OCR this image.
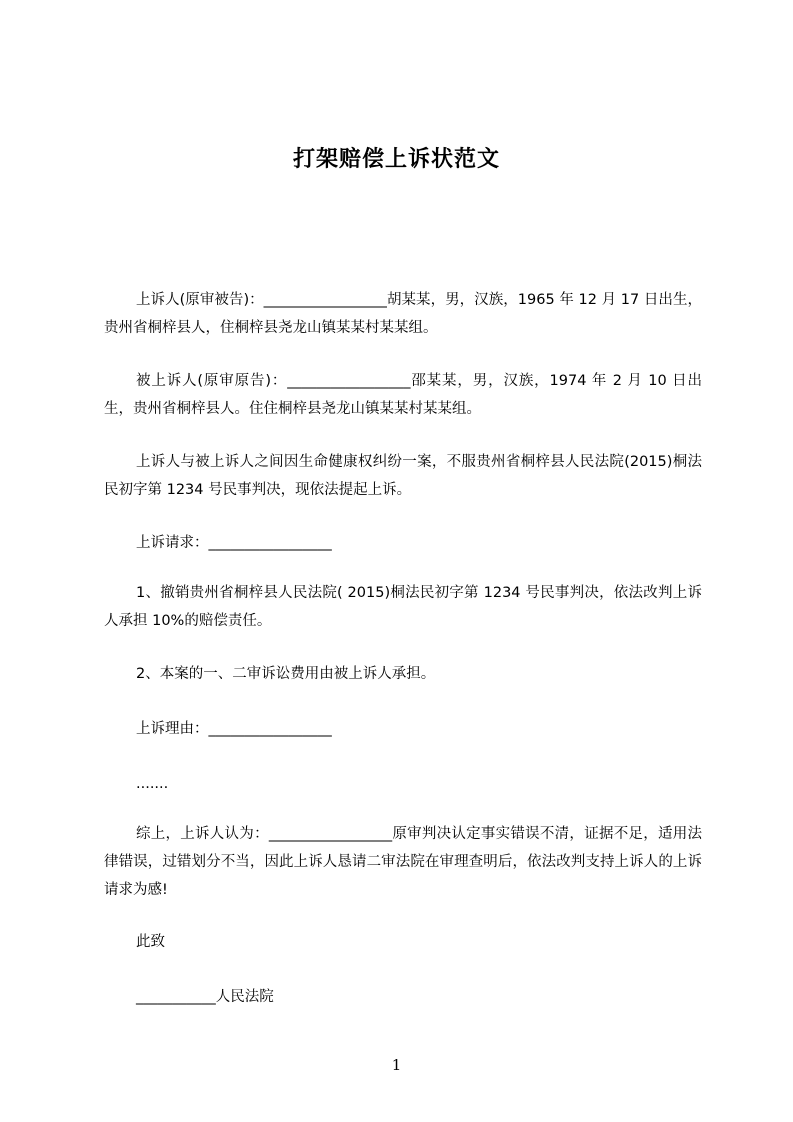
打架赔偿上诉状范文
上诉人(原审被告)：_________________胡某某，男，汉族，1965 年 12 月 17 日出生，贵州省桐梓县人，住桐梓县尧龙山镇某某村某某组。
被上诉人(原审原告)：_________________邵某某，男，汉族，1974 年 2 月 10 日出生，贵州省桐梓县人。住住桐梓县尧龙山镇某某村某某组。
上诉人与被上诉人之间因生命健康权纠纷一案，不服贵州省桐梓县人民法院(2015)桐法民初字第 1234 号民事判决，现依法提起上诉。
上诉请求：_________________
1、撤销贵州省桐梓县人民法院( 2015)桐法民初字第 1234 号民事判决，依法改判上诉人承担 10%的赔偿责任。
2、本案的一、二审诉讼费用由被上诉人承担。
上诉理由：_________________
.......
综上，上诉人认为：_________________原审判决认定事实错误不清，证据不足，适用法律错误，过错划分不当，因此上诉人恳请二审法院在审理查明后，依法改判支持上诉人的上诉请求为感!
此致
___________人民法院
1
